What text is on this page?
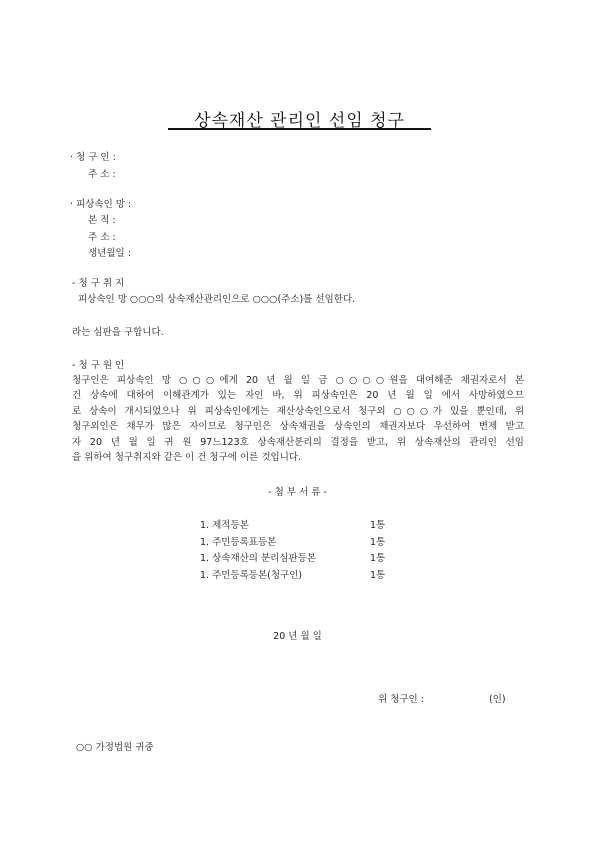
상속재산 관리인 선임 청구
· 청 구 인 :
주 소 :
· 피상속인 망 :
본 적 :
주 소 :
생년월일 :
- 청 구 취 지
피상속인 망 ○○○의 상속재산관리인으로 ○○○(주소)를 선임한다.
라는 심판을 구합니다.
- 청 구 원 인
청구인은 피상속인 망 ○○○에게 20 년 월 일 금 ○○○○원을 대여해준 채권자로서 본
건 상속에 대하여 이해관계가 있는 자인 바, 위 피상속인은 20 년 월 일 에서 사망하였으므
로 상속이 개시되었으나 위 피상속인에게는 재산상속인으로서 청구외 ○○○가 있을 뿐인데, 위
청구외인은 채무가 많은 자이므로 청구인은 상속채권을 상속인의 채권자보다 우선하여 변제 받고
자 20 년 월 일 귀 원 97느123호 상속재산분리의 결정을 받고, 위 상속재산의 관리인 선임
을 위하여 청구취지와 같은 이 건 청구에 이른 것입니다.
- 첨 부 서 류 -
1. 제적등본	1통
1. 주민등록표등본	1통
1. 상속재산의 분리심판등본	1통
1. 주민등록등본(청구인)	1통
20 년 월 일
위 청구인 :	(인)
○○ 가정법원 귀중
